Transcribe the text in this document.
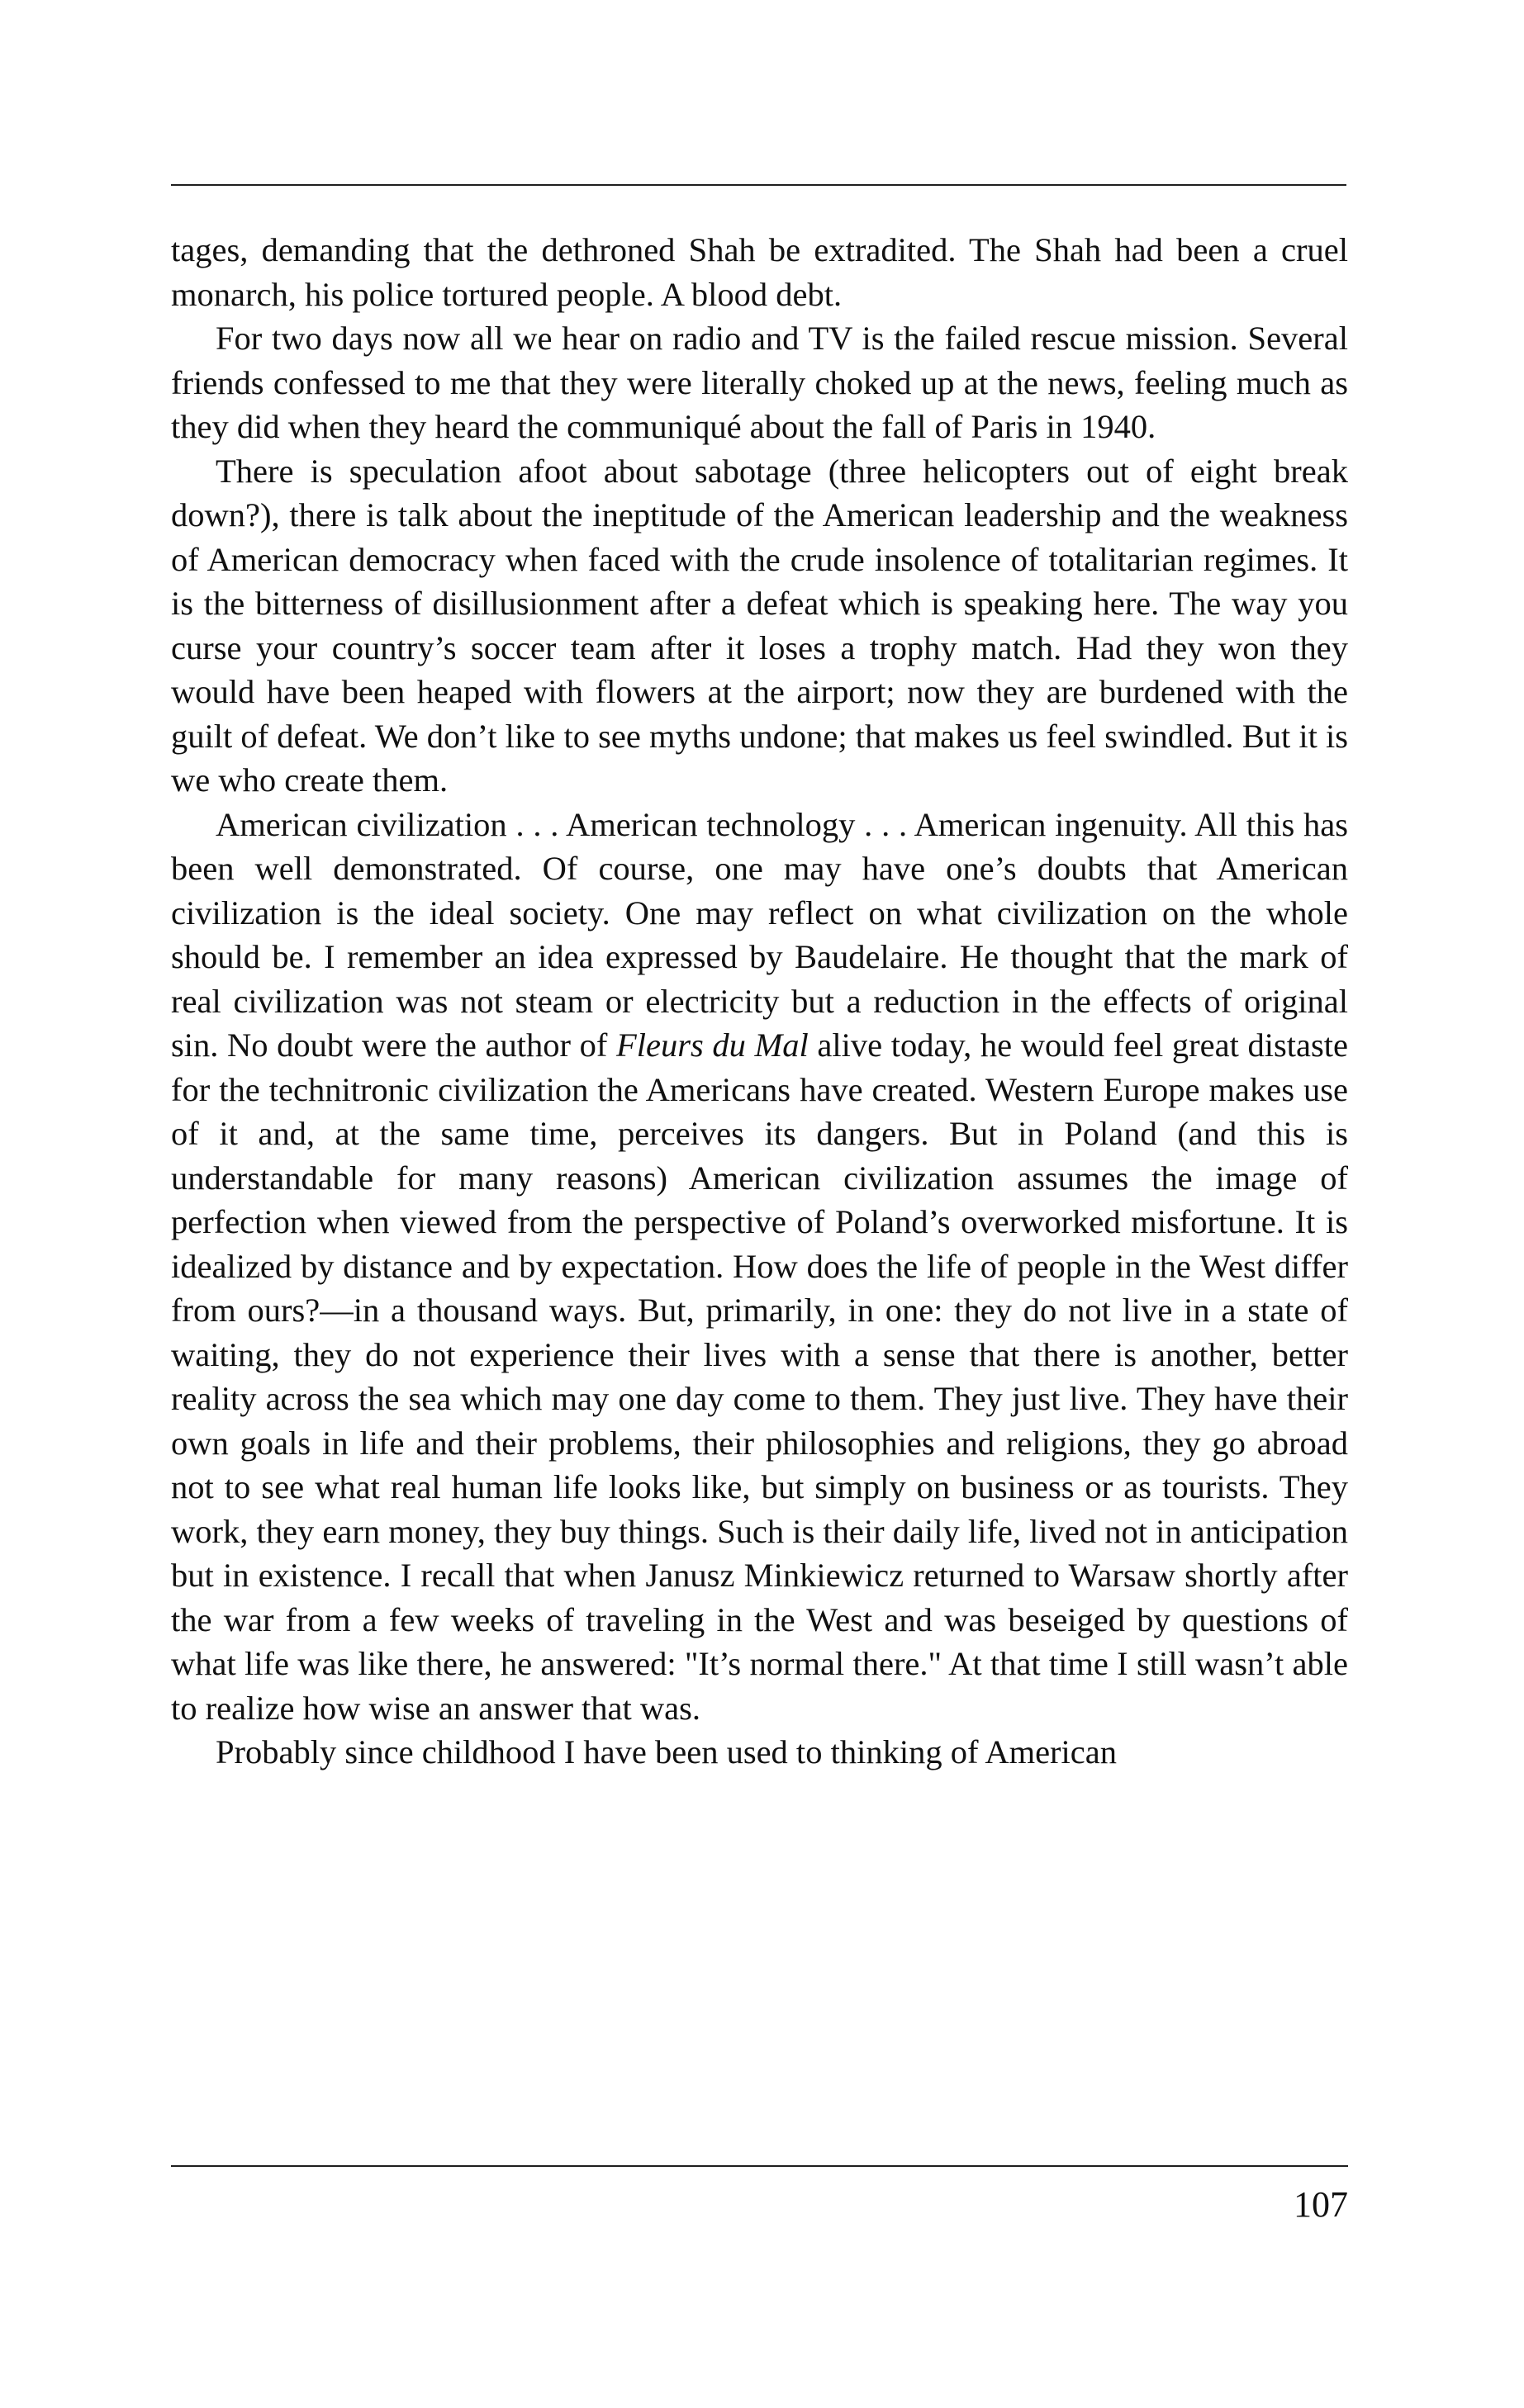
tages, demanding that the dethroned Shah be extradited. The Shah had been a cruel monarch, his police tortured people. A blood debt.

For two days now all we hear on radio and TV is the failed rescue mission. Several friends confessed to me that they were literally choked up at the news, feeling much as they did when they heard the communiqué about the fall of Paris in 1940.

There is speculation afoot about sabotage (three helicopters out of eight break down?), there is talk about the ineptitude of the American leadership and the weakness of American democracy when faced with the crude insolence of totalitarian regimes. It is the bitterness of disillusionment after a defeat which is speaking here. The way you curse your country’s soccer team after it loses a trophy match. Had they won they would have been heaped with flowers at the airport; now they are burdened with the guilt of defeat. We don’t like to see myths undone; that makes us feel swindled. But it is we who create them.

American civilization . . . American technology . . . American ingenuity. All this has been well demonstrated. Of course, one may have one’s doubts that American civilization is the ideal society. One may reflect on what civilization on the whole should be. I remember an idea expressed by Baudelaire. He thought that the mark of real civilization was not steam or electricity but a reduction in the effects of original sin. No doubt were the author of Fleurs du Mal alive today, he would feel great distaste for the technitronic civilization the Americans have created. Western Europe makes use of it and, at the same time, perceives its dangers. But in Poland (and this is understandable for many reasons) American civilization assumes the image of perfection when viewed from the perspective of Poland’s overworked misfortune. It is idealized by distance and by expectation. How does the life of people in the West differ from ours?—in a thousand ways. But, primarily, in one: they do not live in a state of waiting, they do not experience their lives with a sense that there is another, better reality across the sea which may one day come to them. They just live. They have their own goals in life and their problems, their philosophies and religions, they go abroad not to see what real human life looks like, but simply on business or as tourists. They work, they earn money, they buy things. Such is their daily life, lived not in anticipation but in existence. I recall that when Janusz Minkiewicz returned to Warsaw shortly after the war from a few weeks of traveling in the West and was beseiged by questions of what life was like there, he answered: "It’s normal there." At that time I still wasn’t able to realize how wise an answer that was.

Probably since childhood I have been used to thinking of American

107
